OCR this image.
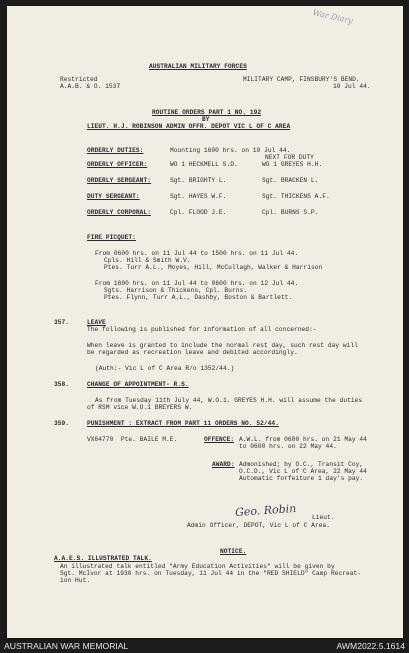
War Diary
AUSTRALIAN MILITARY FORCES
Restricted
A.A.B. & O. 1537
MILITARY CAMP, FINSBURY'S BEND.
10 Jul 44.
ROUTINE ORDERS PART 1 NO. 192
BY
LIEUT. H.J. ROBINSON ADMIN OFFR. DEPOT VIC L OF C AREA
NEXT FOR DUTY
ORDERLY DUTIES:	Mounting 1600 hrs. on 10 Jul 44.
ORDERLY OFFICER:	WO 1 HECKMELL S.D.	WO 1 GREYES H.H.
ORDERLY SERGEANT:	Sgt. BRIGHTY L.	Sgt. BRACKEN L.
DUTY SERGEANT:	Sgt. HAYES W.F.	Sgt. THICKENS A.F.
ORDERLY CORPORAL:	Cpl. FLOOD J.E.	Cpl. BURNS S.P.
FIRE PICQUET:
From 0600 hrs. on 11 Jul 44 to 1500 hrs. on 11 Jul 44.
Cpls. Hill & Smith W.V.
Ptes. Turr A.L., Moyes, Hill, McCullagh, Walker & Harrison
From 1600 hrs. on 11 Jul 44 to 0600 hrs. on 12 Jul 44.
Sgts. Harrison & Thickens, Cpl. Burns.
Ptes. Flynn, Turr A.L., Dashby, Boston & Bartlett.
357.	LEAVE
The following is published for information of all concerned:-
When leave is granted to include the normal rest day, such rest day will
be regarded as recreation leave and debited accordingly.
(Auth:- Vic L of C Area R/o 1352/44.)
358.	CHANGE OF APPOINTMENT- R.S.
As from Tuesday 11th July 44, W.O.1. GREYES H.H. will assume the duties
of RSM vice W.O.1 BREYERS W.
359.	PUNISHMENT : EXTRACT FROM PART 11 ORDERS NO. 52/44.
VX64770  Pte. BAILE M.E.	OFFENCE: A.W.L. from 0600 hrs. on 21 May 44
to 0600 hrs. on 22 May 44.
AWARD: Admonished; by O.C., Transit Coy,
O.C.D., Vic L of C Area, 22 May 44
Automatic forfeiture 1 day's pay.
Geo. Robin Lieut.
Admin Officer, DEPOT, Vic L of C Area.
NOTICE.
A.A.E.S. ILLUSTRATED TALK.
An illustrated talk entitled "Army Education Activities" will be given by
Sgt. McIvor at 1930 hrs. on Tuesday, 11 Jul 44 in the "RED SHIELD" Camp Recreat-
ion Hut.
AUSTRALIAN WAR MEMORIAL	AWM2022.5.1614
